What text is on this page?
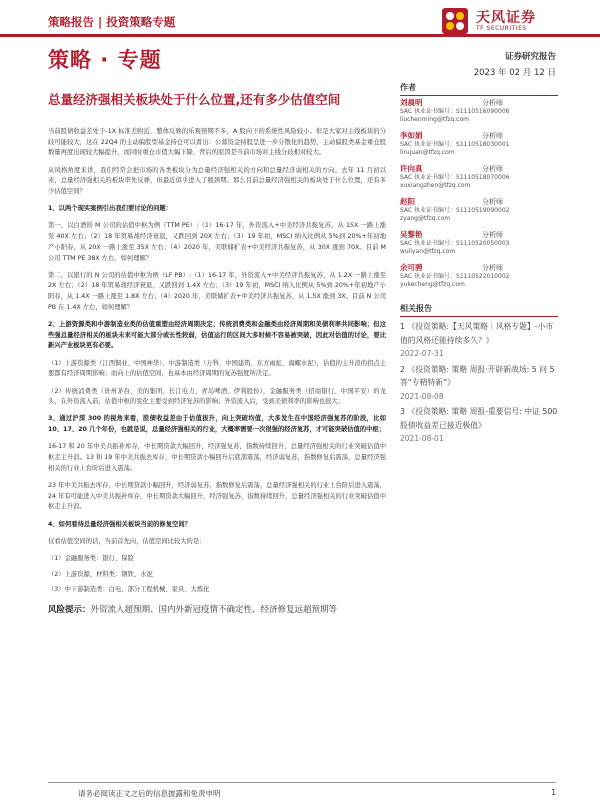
策略报告 | 投资策略专题	天风证券
TF SECURITIES
策略 · 专题	证券研究报告
2023 年 02 月 12 日
总量经济强相关板块处于什么位置,还有多少估值空间

当前股债收益差处于-1X 标准差附近，整体反映的乐观预期不多，A 股向下的系统性风险较小。但是大家对主线板块的分歧可能较大，这在 22Q4 的主动偏股型基金持仓可以看出：公募资金持股呈进一步分散化的趋势，主动偏股类基金重仓股数量再度出现较大幅提升，而同时重仓市值大幅下降，背后的原因是当前市场对主线分歧相对较大。

从风格角度来讲，我们经常会把市场的各类板块分为总量经济强相关的方向和总量经济弱相关的方向。去年 11 月初以来，总量经济强相关的板块率先反弹，但最近似乎进入了瓶颈期。那么目前总量经济强相关的板块处于什么位置，还有多少估值空间？

1、以两个现实案例引出我们要讨论的问题：

第一，以白酒的 M 公司的估值中枢为例（TTM PE）:（1）16-17 年，外资流入+中美经济共振复苏，从 15X 一路上涨至 40X 左右；（2）18 年贸易战经济衰退，又跌回到 20X 左右；（3）19 年初，MSCI 纳入比例从 5%到 20%+年初地产小阳春，从 20X 一路上涨至 35X 左右；（4）2020 年，美联储扩表+中美经济共振复苏，从 30X 涨到 70X。目前 M 公司 TTM PE 38X 左右，如何理解？

第二，以银行的 N 公司的估值中枢为例（LF PB）:（1）16-17 年，外资流入+中美经济共振复苏，从 1.2X 一路上涨至 2X 左右；（2）18 年贸易战经济衰退，又跌回到 1.4X 左右；（3）19 年初，MSCI 纳入比例从 5%到 20%+年初地产小阳春，从 1.4X 一路上涨至 1.8X 左右；（4）2020 年，美联储扩表+中美经济共振复苏，从 1.5X 涨到 3X。目前 N 公司 PB 在 1.4X 左右，如何理解？

2、上游资源类和中游制造业类的估值重塑由经济周期决定；传统消费类和金融类由经济周期和美债利率共同影响；但这些强总量经济相关的板块未来可能大部分或长性较弱，估值运行的区间大多时候不容易被突破，因此对估值的讨论，要比新兴产业板块更有必要。

（1）上游资源类（江西铜业、中国神华）、中游制造类（万科、中国建筑、东方雨虹、海螺水泥），估值的主升浪的拐点主要都有经济周期影响；而向上的估值空间，也基本由经济周期的复苏强度所决定。

（2）传统消费类（贵州茅台、美的集团、长江电力、青岛啤酒、伊利股份），金融服务类（招商银行、中国平安）的龙头，在外资流入前，估值中枢的变化主要受到经济复苏的影响；外资流入后，受到美债利率的影响也很大；

3、通过沪深 300 的视角来看，股债收益差由于估值拔升，向上突破均值，大多发生在中国经济强复苏的阶段，比如 10、17、20 几个年份，也就是说，总量经济强相关的行业，大概率需要一次很强的经济复苏，才可能突破估值的中枢；

16-17 和 20 年中美共振补库存，中长期贷款大幅回升，经济强复苏，指数持续回升，总量经济强相关的行业突破估值中枢走主升浪。13 和 19 年中美共振去库存，中长期贷款小幅回升启底部震荡，经济弱复苏，指数修复后震荡，总量经济强相关的行业上台阶后进入震荡。

23 年中美共振去库存，中长期贷款小幅回升，经济弱复苏，指数修复后震荡，总量经济强相关的行业上台阶后进入震荡，24 年有可能进入中美共振补库存，中长期贷款大幅回升，经济强复苏，指数持续回升，总量经济强相关的行业突破估值中枢走主升浪。

4、如何看待总量经济强相关板块当前的修复空间？

仅看估值空间的话，当前首先向，估值空间比较大的是：

（1）金融服务类：银行、保险

（2）上游资源、材料类：钢铁、水泥

（3）中下游制造类：白电、部分工程机械、家具、大炼化

风险提示：外资流入超预期、国内外新冠疫情不确定性、经济修复远超预期等

作者
刘晨明	分析师
SAC 执业证书编号：S1110516090006
liuchenming@tfzq.com
李如娟	分析师
SAC 执业证书编号：S1110518030001
lirujuan@tfzq.com
许向真	分析师
SAC 执业证书编号：S1110518070006
xuxiangzhen@tfzq.com
赵阳	分析师
SAC 执业证书编号：S1110519090002
zyang@tfzq.com
吴黎艳	分析师
SAC 执业证书编号：S1110520050003
wuliyan@tfzq.com
余可骋	分析师
SAC 执业证书编号：S1110522010002
yukecheng@tfzq.com
相关报告
1 《投资策略:【天风策略｜风格专题】-小市值的风格还能持续多久？》
2022-07-31
2 《投资策略: 策略 周报·开辟新战场: 5 问 5 答“专精特新”》
2021-08-08
3 《投资策略: 策略 周报-重要信号: 中证 500 股债收益差已接近极值》
2021-08-01
请务必阅读正文之后的信息披露和免责申明	1
